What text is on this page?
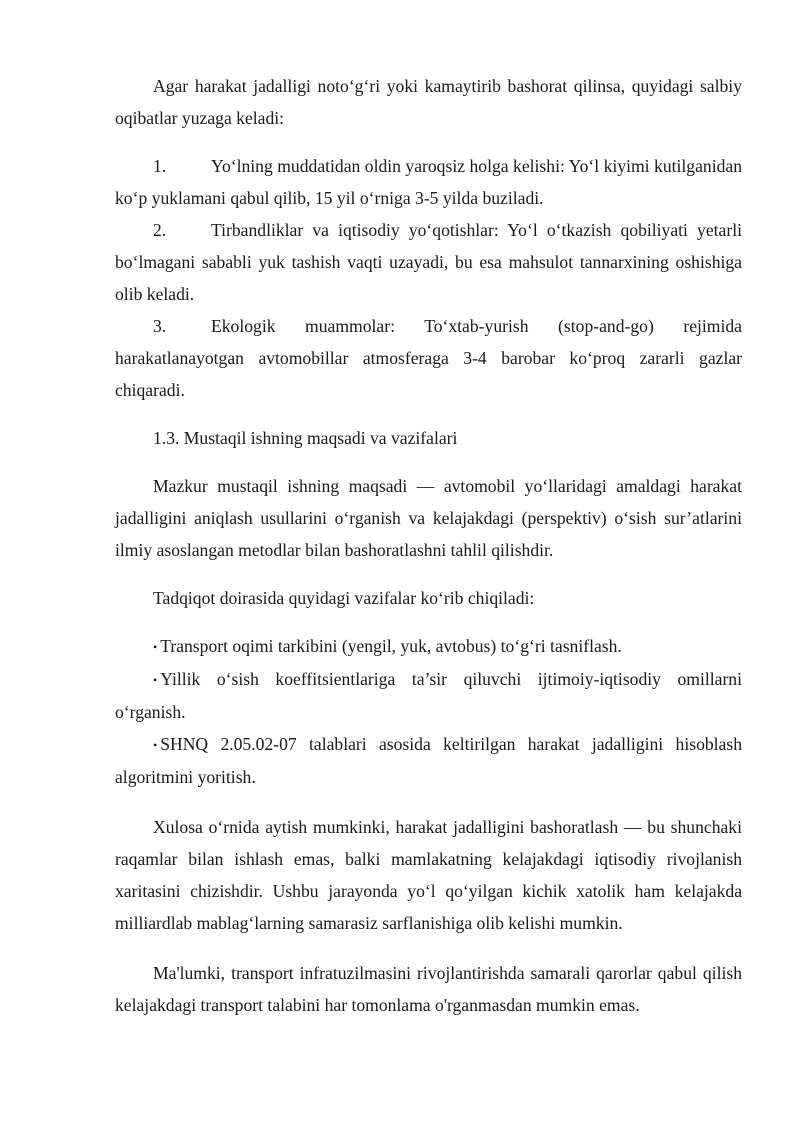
Agar harakat jadalligi noto‘g‘ri yoki kamaytirib bashorat qilinsa, quyidagi salbiy oqibatlar yuzaga keladi:

1.	Yo‘lning muddatidan oldin yaroqsiz holga kelishi: Yo‘l kiyimi kutilganidan ko‘p yuklamani qabul qilib, 15 yil o‘rniga 3-5 yilda buziladi.

2.	Tirbandliklar va iqtisodiy yo‘qotishlar: Yo‘l o‘tkazish qobiliyati yetarli bo‘lmagani sababli yuk tashish vaqti uzayadi, bu esa mahsulot tannarxining oshishiga olib keladi.

3.	Ekologik muammolar: To‘xtab-yurish (stop-and-go) rejimida harakatlanayotgan avtomobillar atmosferaga 3-4 barobar ko‘proq zararli gazlar chiqaradi.

1.3. Mustaqil ishning maqsadi va vazifalari

Mazkur mustaqil ishning maqsadi — avtomobil yo‘llaridagi amaldagi harakat jadalligini aniqlash usullarini o‘rganish va kelajakdagi (perspektiv) o‘sish sur’atlarini ilmiy asoslangan metodlar bilan bashoratlashni tahlil qilishdir.

Tadqiqot doirasida quyidagi vazifalar ko‘rib chiqiladi:

• Transport oqimi tarkibini (yengil, yuk, avtobus) to‘g‘ri tasniflash.

• Yillik o‘sish koeffitsientlariga ta’sir qiluvchi ijtimoiy-iqtisodiy omillarni o‘rganish.

• SHNQ 2.05.02-07 talablari asosida keltirilgan harakat jadalligini hisoblash algoritmini yoritish.

Xulosa o‘rnida aytish mumkinki, harakat jadalligini bashoratlash — bu shunchaki raqamlar bilan ishlash emas, balki mamlakatning kelajakdagi iqtisodiy rivojlanish xaritasini chizishdir. Ushbu jarayonda yo‘l qo‘yilgan kichik xatolik ham kelajakda milliardlab mablag‘larning samarasiz sarflanishiga olib kelishi mumkin.

Ma'lumki, transport infratuzilmasini rivojlantirishda samarali qarorlar qabul qilish kelajakdagi transport talabini har tomonlama o'rganmasdan mumkin emas.
